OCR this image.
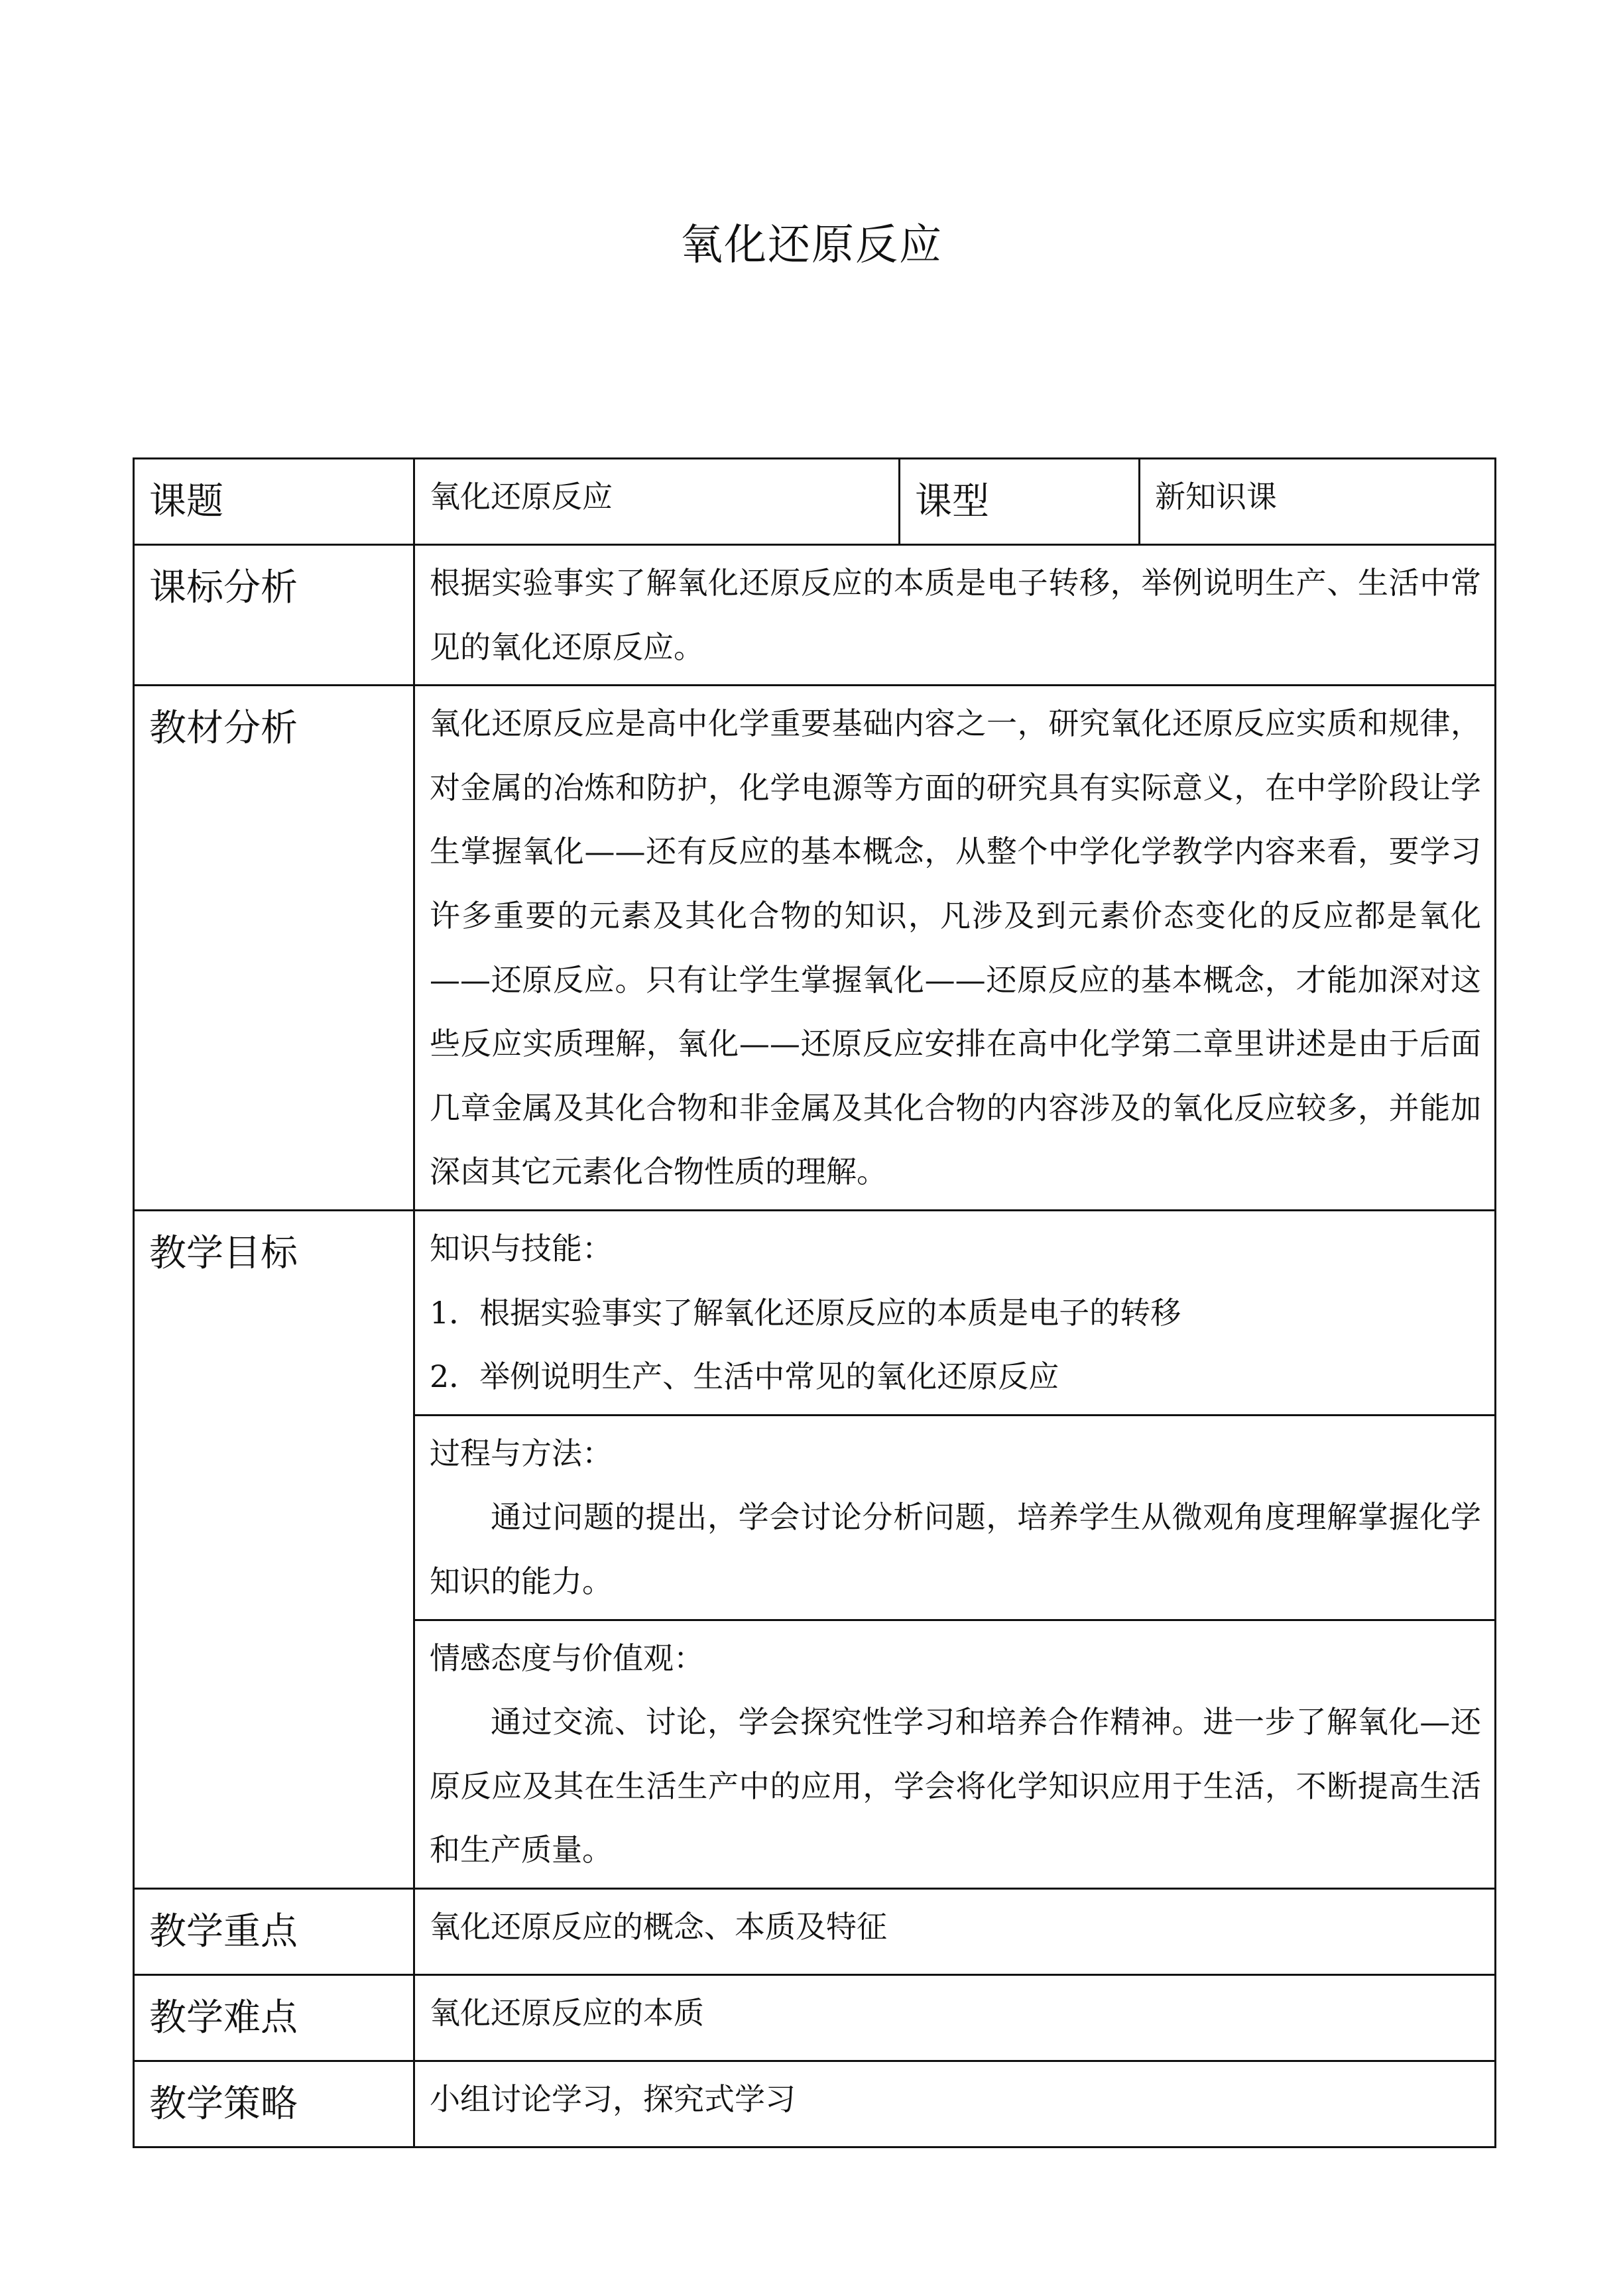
氧化还原反应
课题	氧化还原反应	课型	新知识课

课标分析	根据实验事实了解氧化还原反应的本质是电子转移，举例说明生产、生活中常见的氧化还原反应。		

教材分析	氧化还原反应是高中化学重要基础内容之一，研究氧化还原反应实质和规律，对金属的冶炼和防护，化学电源等方面的研究具有实际意义，在中学阶段让学生掌握氧化——还有反应的基本概念，从整个中学化学教学内容来看，要学习许多重要的元素及其化合物的知识，凡涉及到元素价态变化的反应都是氧化——还原反应。只有让学生掌握氧化——还原反应的基本概念，才能加深对这些反应实质理解，氧化——还原反应安排在高中化学第二章里讲述是由于后面几章金属及其化合物和非金属及其化合物的内容涉及的氧化反应较多，并能加深卤其它元素化合物性质的理解。		

教学目标	知识与技能：

1．根据实验事实了解氧化还原反应的本质是电子的转移

2．举例说明生产、生活中常见的氧化还原反应		

	过程与方法：

通过问题的提出，学会讨论分析问题，培养学生从微观角度理解掌握化学知识的能力。		

	情感态度与价值观：

通过交流、讨论，学会探究性学习和培养合作精神。进一步了解氧化—还原反应及其在生活生产中的应用，学会将化学知识应用于生活，不断提高生活和生产质量。		

教学重点	氧化还原反应的概念、本质及特征		

教学难点	氧化还原反应的本质		

教学策略	小组讨论学习，探究式学习		
